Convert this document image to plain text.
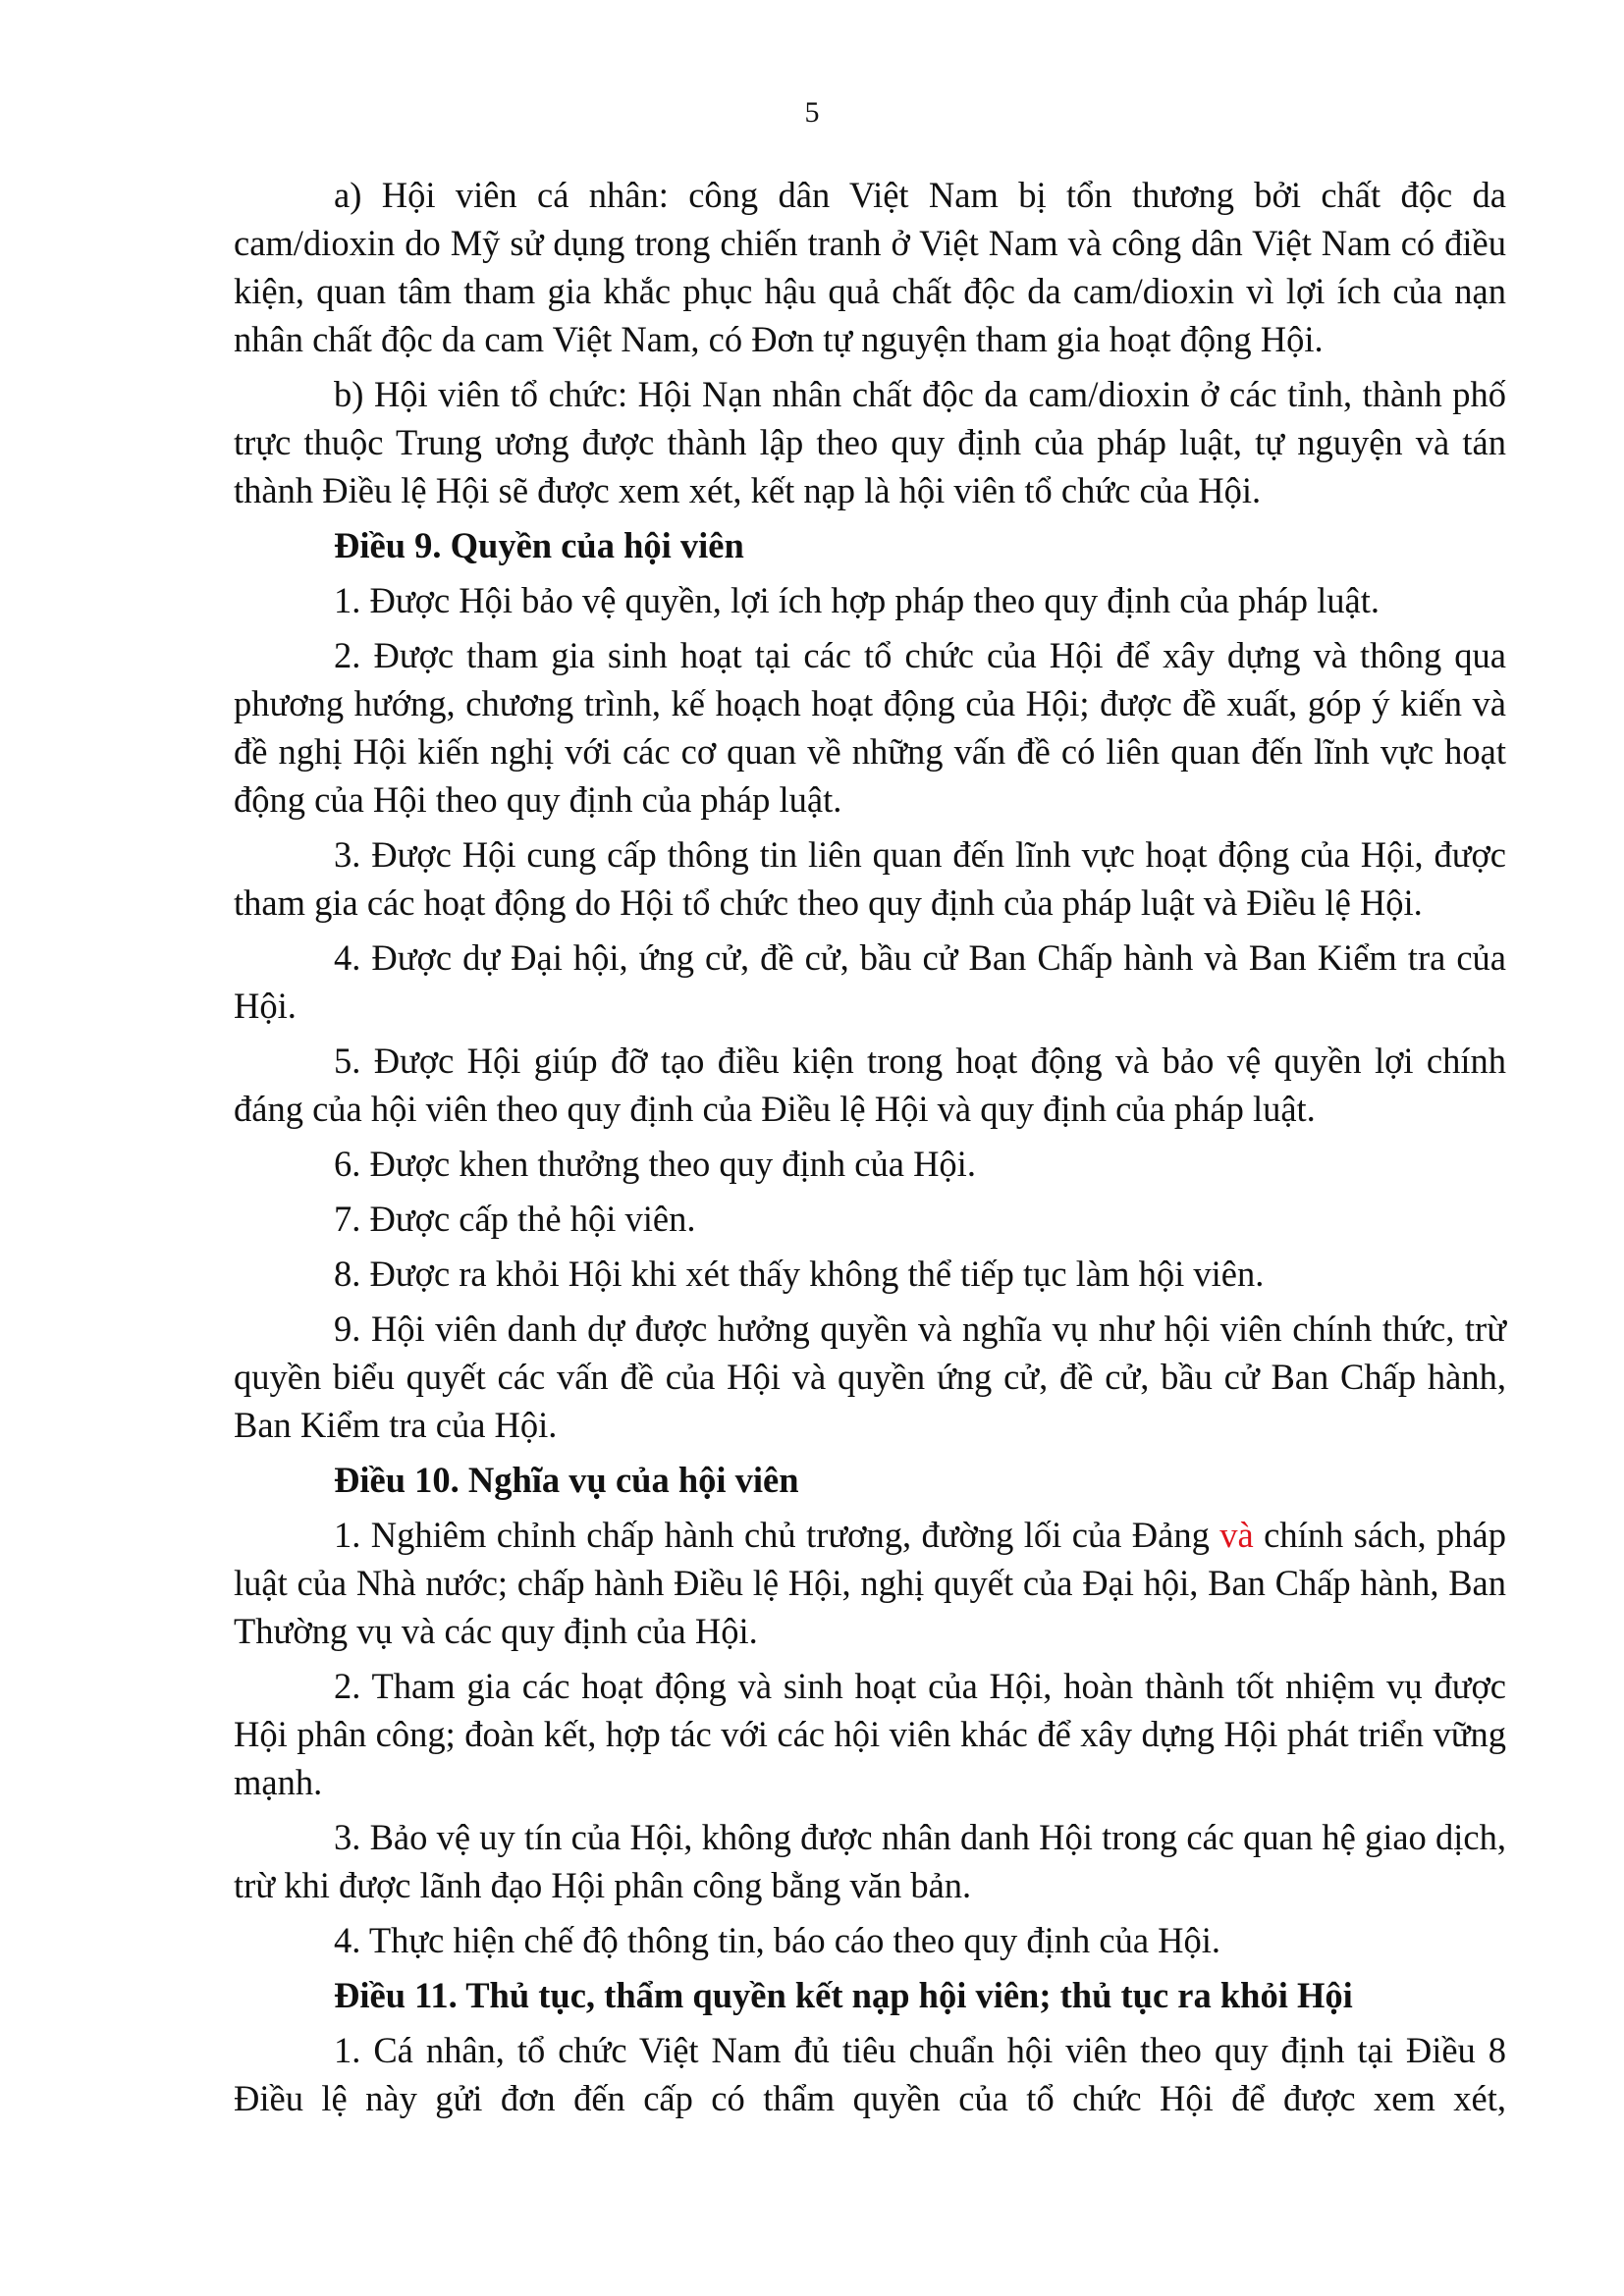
5

a) Hội viên cá nhân: công dân Việt Nam bị tổn thương bởi chất độc da cam/dioxin do Mỹ sử dụng trong chiến tranh ở Việt Nam và công dân Việt Nam có điều kiện, quan tâm tham gia khắc phục hậu quả chất độc da cam/dioxin vì lợi ích của nạn nhân chất độc da cam Việt Nam, có Đơn tự nguyện tham gia hoạt động Hội.

b) Hội viên tổ chức: Hội Nạn nhân chất độc da cam/dioxin ở các tỉnh, thành phố trực thuộc Trung ương được thành lập theo quy định của pháp luật, tự nguyện và tán thành Điều lệ Hội sẽ được xem xét, kết nạp là hội viên tổ chức của Hội.

Điều 9. Quyền của hội viên

1. Được Hội bảo vệ quyền, lợi ích hợp pháp theo quy định của pháp luật.

2. Được tham gia sinh hoạt tại các tổ chức của Hội để xây dựng và thông qua phương hướng, chương trình, kế hoạch hoạt động của Hội; được đề xuất, góp ý kiến và đề nghị Hội kiến nghị với các cơ quan về những vấn đề có liên quan đến lĩnh vực hoạt động của Hội theo quy định của pháp luật.

3. Được Hội cung cấp thông tin liên quan đến lĩnh vực hoạt động của Hội, được tham gia các hoạt động do Hội tổ chức theo quy định của pháp luật và Điều lệ Hội.

4. Được dự Đại hội, ứng cử, đề cử, bầu cử Ban Chấp hành và Ban Kiểm tra của Hội.

5. Được Hội giúp đỡ tạo điều kiện trong hoạt động và bảo vệ quyền lợi chính đáng của hội viên theo quy định của Điều lệ Hội và quy định của pháp luật.

6. Được khen thưởng theo quy định của Hội.

7. Được cấp thẻ hội viên.

8. Được ra khỏi Hội khi xét thấy không thể tiếp tục làm hội viên.

9. Hội viên danh dự được hưởng quyền và nghĩa vụ như hội viên chính thức, trừ quyền biểu quyết các vấn đề của Hội và quyền ứng cử, đề cử, bầu cử Ban Chấp hành, Ban Kiểm tra của Hội.

Điều 10. Nghĩa vụ của hội viên

1. Nghiêm chỉnh chấp hành chủ trương, đường lối của Đảng và chính sách, pháp luật của Nhà nước; chấp hành Điều lệ Hội, nghị quyết của Đại hội, Ban Chấp hành, Ban Thường vụ và các quy định của Hội.

2. Tham gia các hoạt động và sinh hoạt của Hội, hoàn thành tốt nhiệm vụ được Hội phân công; đoàn kết, hợp tác với các hội viên khác để xây dựng Hội phát triển vững mạnh.

3. Bảo vệ uy tín của Hội, không được nhân danh Hội trong các quan hệ giao dịch, trừ khi được lãnh đạo Hội phân công bằng văn bản.

4. Thực hiện chế độ thông tin, báo cáo theo quy định của Hội.

Điều 11. Thủ tục, thẩm quyền kết nạp hội viên; thủ tục ra khỏi Hội

1. Cá nhân, tổ chức Việt Nam đủ tiêu chuẩn hội viên theo quy định tại Điều 8 Điều lệ này gửi đơn đến cấp có thẩm quyền của tổ chức Hội để được xem xét,
